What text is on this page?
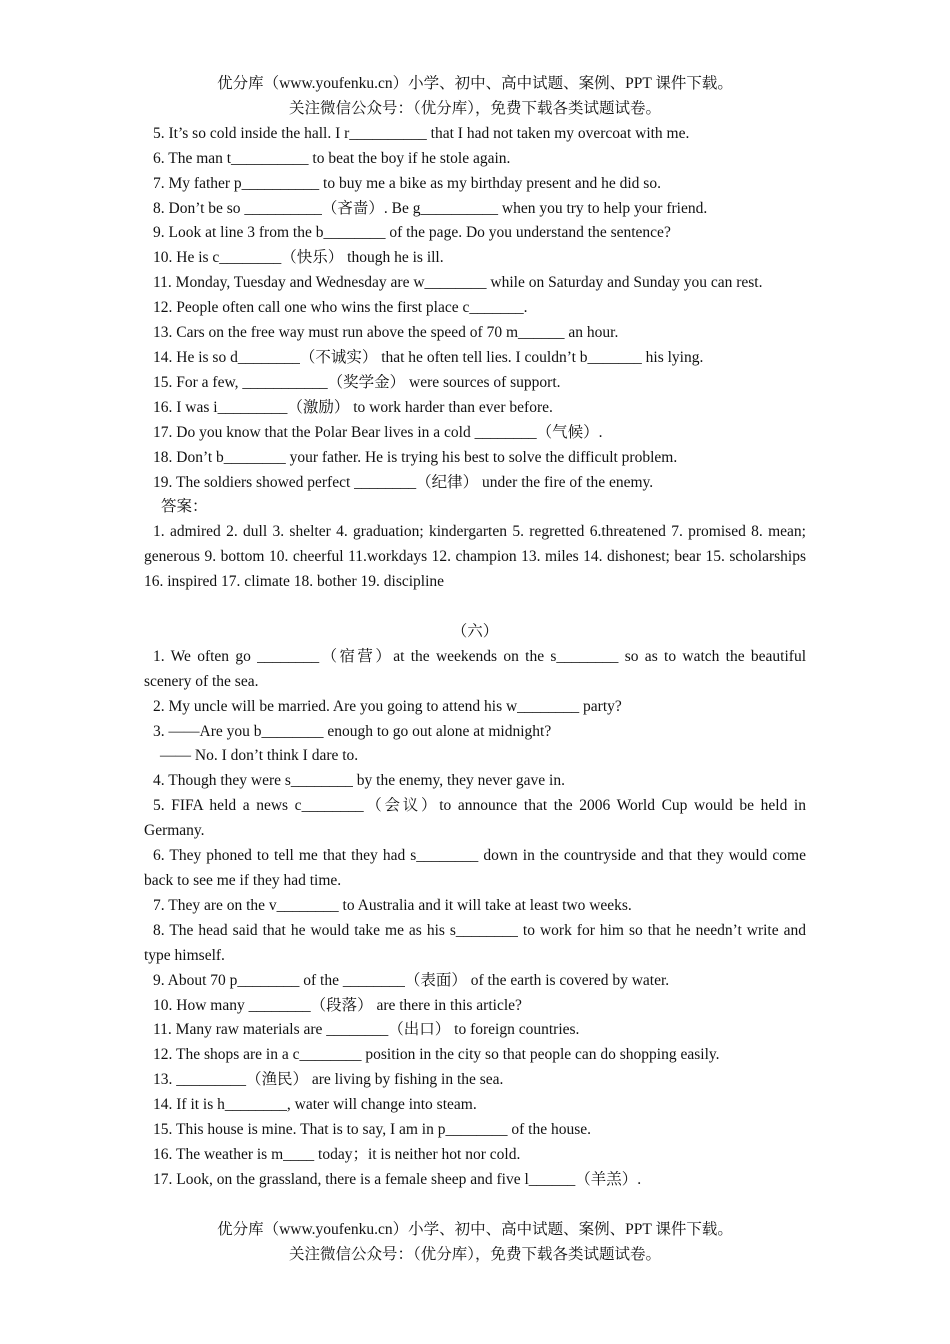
优分库（www.youfenku.cn）小学、初中、高中试题、案例、PPT 课件下载。

关注微信公众号：（优分库），免费下载各类试题试卷。

5. It’s so cold inside the hall. I r__________ that I had not taken my overcoat with me.

6. The man t__________ to beat the boy if he stole again.

7. My father p__________ to buy me a bike as my birthday present and he did so.

8. Don’t be so __________（吝啬）. Be g__________ when you try to help your friend.

9. Look at line 3 from the b________ of the page. Do you understand the sentence?

10. He is c________（快乐） though he is ill.

11. Monday, Tuesday and Wednesday are w________ while on Saturday and Sunday you can rest.

12. People often call one who wins the first place c_______.

13. Cars on the free way must run above the speed of 70 m______ an hour.

14. He is so d________（不诚实） that he often tell lies. I couldn’t b_______ his lying.

15. For a few, ___________（奖学金） were sources of support.

16. I was i_________（激励） to work harder than ever before.

17. Do you know that the Polar Bear lives in a cold ________（气候）.

18. Don’t b________ your father. He is trying his best to solve the difficult problem.

19. The soldiers showed perfect ________（纪律） under the fire of the enemy.

答案：

1. admired 2. dull 3. shelter 4. graduation; kindergarten 5. regretted 6.threatened 7. promised 8. mean; generous 9. bottom 10. cheerful 11.workdays 12. champion 13. miles 14. dishonest; bear 15. scholarships 16. inspired 17. climate 18. bother 19. discipline

（六）

1. We often go ________（宿营）at the weekends on the s________ so as to watch the beautiful scenery of the sea.

2. My uncle will be married. Are you going to attend his w________ party?

3. ——Are you b________ enough to go out alone at midnight?

—— No. I don’t think I dare to.

4. Though they were s________ by the enemy, they never gave in.

5. FIFA held a news c________（会议）to announce that the 2006 World Cup would be held in Germany.

6. They phoned to tell me that they had s________ down in the countryside and that they would come back to see me if they had time.

7. They are on the v________ to Australia and it will take at least two weeks.

8. The head said that he would take me as his s________ to work for him so that he needn’t write and type himself.

9. About 70 p________ of the ________（表面） of the earth is covered by water.

10. How many ________（段落） are there in this article?

11. Many raw materials are ________（出口） to foreign countries.

12. The shops are in a c________ position in the city so that people can do shopping easily.

13. _________（渔民） are living by fishing in the sea.

14. If it is h________, water will change into steam.

15. This house is mine. That is to say, I am in p________ of the house.

16. The weather is m____ today；it is neither hot nor cold.

17. Look, on the grassland, there is a female sheep and five l______（羊羔）.

优分库（www.youfenku.cn）小学、初中、高中试题、案例、PPT 课件下载。

关注微信公众号：（优分库），免费下载各类试题试卷。
